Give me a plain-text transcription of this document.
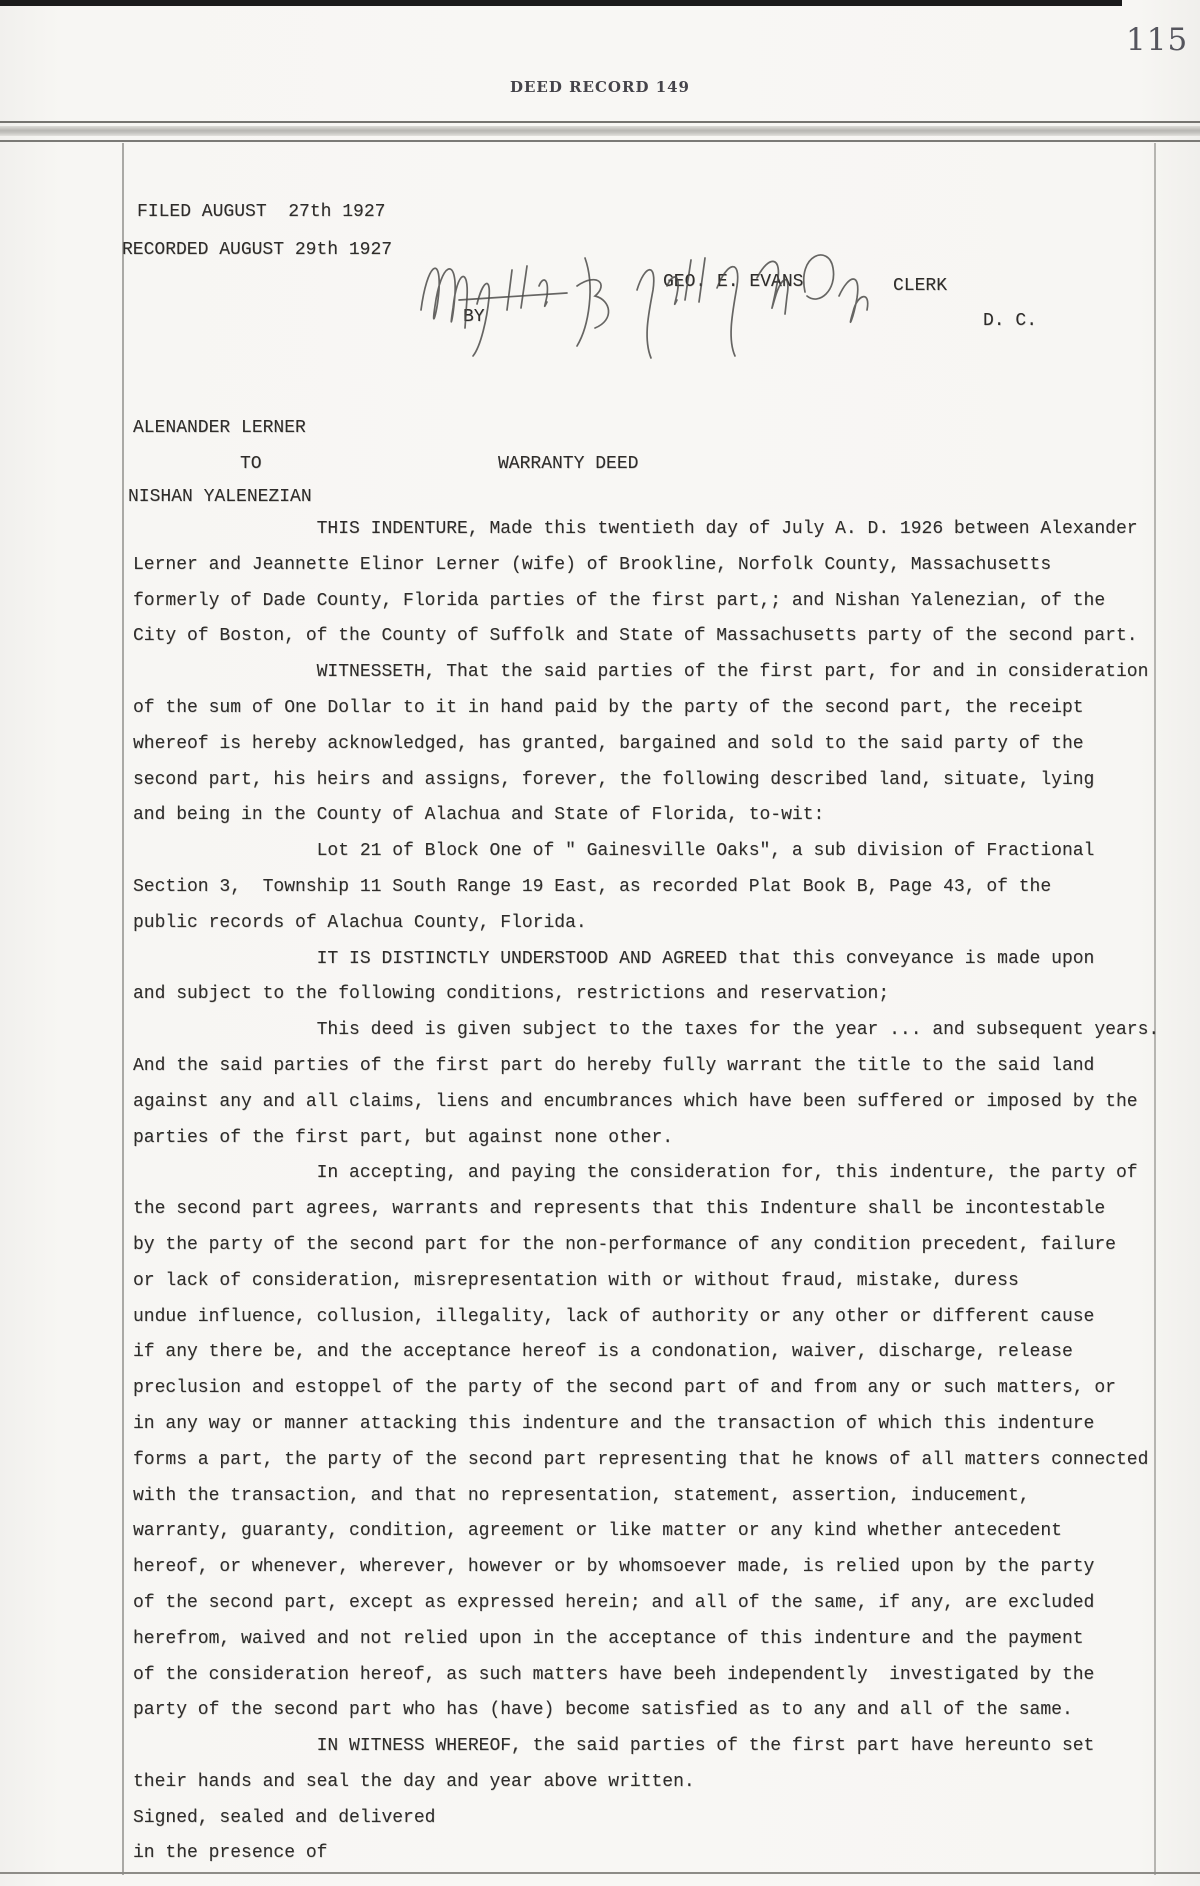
115
DEED RECORD 149
FILED AUGUST  27th 1927
RECORDED AUGUST 29th 1927
GEO. E. EVANS	CLERK
BY	D. C.
ALENANDER LERNER
TO	WARRANTY DEED
NISHAN YALENEZIAN
THIS INDENTURE, Made this twentieth day of July A. D. 1926 between Alexander
Lerner and Jeannette Elinor Lerner (wife) of Brookline, Norfolk County, Massachusetts
formerly of Dade County, Florida parties of the first part,; and Nishan Yalenezian, of the
City of Boston, of the County of Suffolk and State of Massachusetts party of the second part.
WITNESSETH, That the said parties of the first part, for and in consideration
of the sum of One Dollar to it in hand paid by the party of the second part, the receipt
whereof is hereby acknowledged, has granted, bargained and sold to the said party of the
second part, his heirs and assigns, forever, the following described land, situate, lying
and being in the County of Alachua and State of Florida, to-wit:
Lot 21 of Block One of " Gainesville Oaks", a sub division of Fractional
Section 3,  Township 11 South Range 19 East, as recorded Plat Book B, Page 43, of the
public records of Alachua County, Florida.
IT IS DISTINCTLY UNDERSTOOD AND AGREED that this conveyance is made upon
and subject to the following conditions, restrictions and reservation;
This deed is given subject to the taxes for the year ... and subsequent years.
And the said parties of the first part do hereby fully warrant the title to the said land
against any and all claims, liens and encumbrances which have been suffered or imposed by the
parties of the first part, but against none other.
In accepting, and paying the consideration for, this indenture, the party of
the second part agrees, warrants and represents that this Indenture shall be incontestable
by the party of the second part for the non-performance of any condition precedent, failure
or lack of consideration, misrepresentation with or without fraud, mistake, duress
undue influence, collusion, illegality, lack of authority or any other or different cause
if any there be, and the acceptance hereof is a condonation, waiver, discharge, release
preclusion and estoppel of the party of the second part of and from any or such matters, or
in any way or manner attacking this indenture and the transaction of which this indenture
forms a part, the party of the second part representing that he knows of all matters connected
with the transaction, and that no representation, statement, assertion, inducement,
warranty, guaranty, condition, agreement or like matter or any kind whether antecedent
hereof, or whenever, wherever, however or by whomsoever made, is relied upon by the party
of the second part, except as expressed herein; and all of the same, if any, are excluded
herefrom, waived and not relied upon in the acceptance of this indenture and the payment
of the consideration hereof, as such matters have beeh independently  investigated by the
party of the second part who has (have) become satisfied as to any and all of the same.
IN WITNESS WHEREOF, the said parties of the first part have hereunto set
their hands and seal the day and year above written.
Signed, sealed and delivered
in the presence of
